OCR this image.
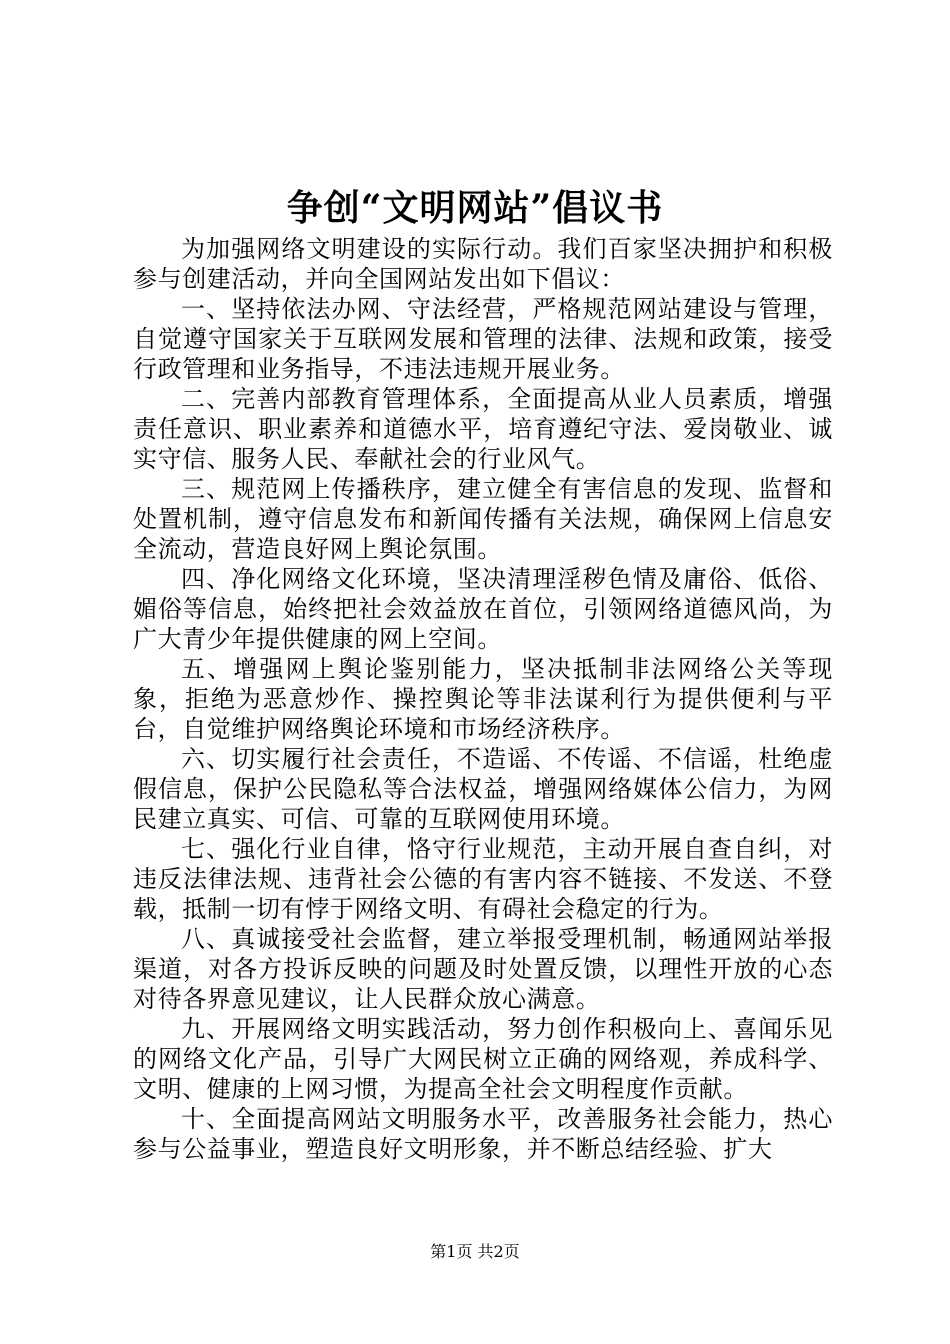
争创“文明网站”倡议书

为加强网络文明建设的实际行动。我们百家坚决拥护和积极参与创建活动，并向全国网站发出如下倡议：

一、坚持依法办网、守法经营，严格规范网站建设与管理，自觉遵守国家关于互联网发展和管理的法律、法规和政策，接受行政管理和业务指导，不违法违规开展业务。

二、完善内部教育管理体系，全面提高从业人员素质，增强责任意识、职业素养和道德水平，培育遵纪守法、爱岗敬业、诚实守信、服务人民、奉献社会的行业风气。

三、规范网上传播秩序，建立健全有害信息的发现、监督和处置机制，遵守信息发布和新闻传播有关法规，确保网上信息安全流动，营造良好网上舆论氛围。

四、净化网络文化环境，坚决清理淫秽色情及庸俗、低俗、媚俗等信息，始终把社会效益放在首位，引领网络道德风尚，为广大青少年提供健康的网上空间。

五、增强网上舆论鉴别能力，坚决抵制非法网络公关等现象，拒绝为恶意炒作、操控舆论等非法谋利行为提供便利与平台，自觉维护网络舆论环境和市场经济秩序。

六、切实履行社会责任，不造谣、不传谣、不信谣，杜绝虚假信息，保护公民隐私等合法权益，增强网络媒体公信力，为网民建立真实、可信、可靠的互联网使用环境。

七、强化行业自律，恪守行业规范，主动开展自查自纠，对违反法律法规、违背社会公德的有害内容不链接、不发送、不登载，抵制一切有悖于网络文明、有碍社会稳定的行为。

八、真诚接受社会监督，建立举报受理机制，畅通网站举报渠道，对各方投诉反映的问题及时处置反馈，以理性开放的心态对待各界意见建议，让人民群众放心满意。

九、开展网络文明实践活动，努力创作积极向上、喜闻乐见的网络文化产品，引导广大网民树立正确的网络观，养成科学、文明、健康的上网习惯，为提高全社会文明程度作贡献。

十、全面提高网站文明服务水平，改善服务社会能力，热心参与公益事业，塑造良好文明形象，并不断总结经验、扩大

第1页 共2页
